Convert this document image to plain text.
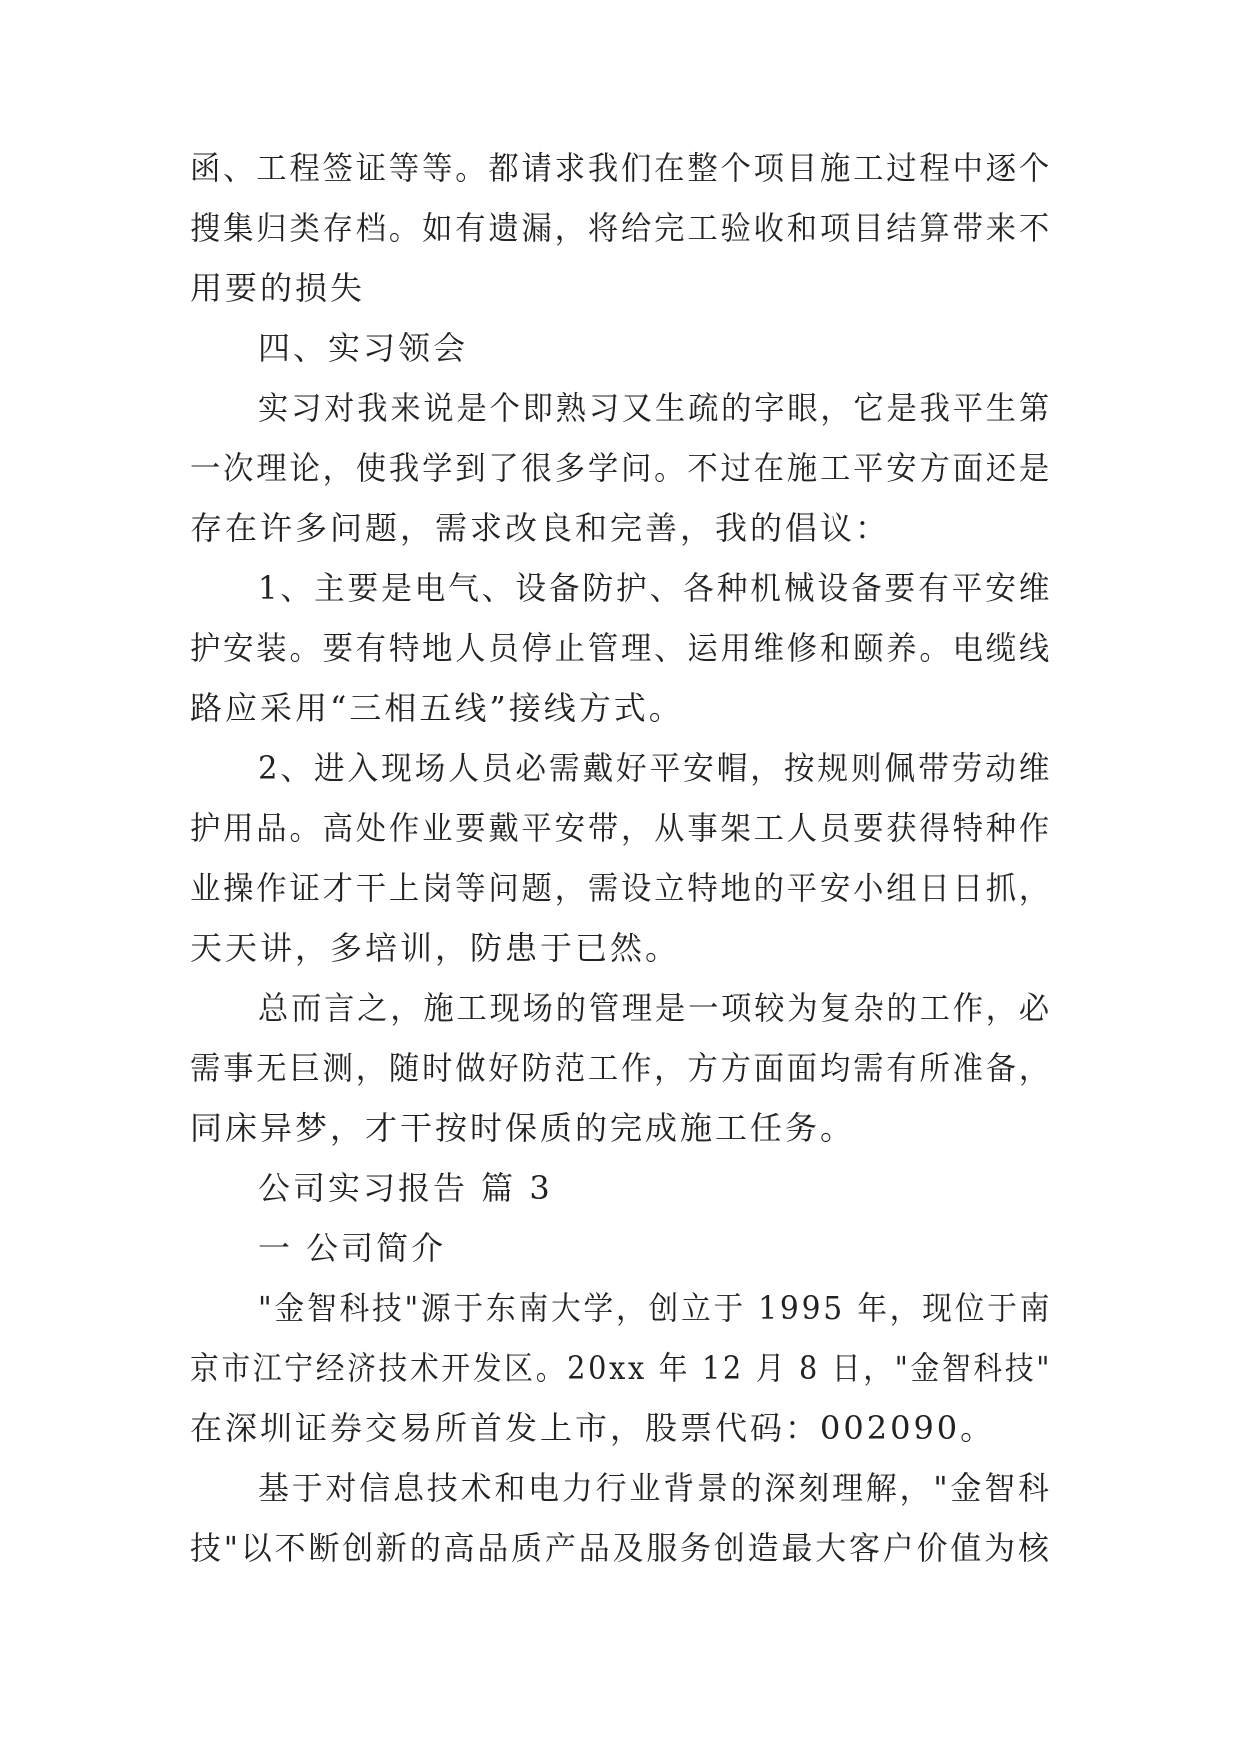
函、工程签证等等。都请求我们在整个项目施工过程中逐个
搜集归类存档。如有遗漏，将给完工验收和项目结算带来不
用要的损失
四、实习领会
实习对我来说是个即熟习又生疏的字眼，它是我平生第
一次理论，使我学到了很多学问。不过在施工平安方面还是
存在许多问题，需求改良和完善，我的倡议：
1、主要是电气、设备防护、各种机械设备要有平安维
护安装。要有特地人员停止管理、运用维修和颐养。电缆线
路应采用“三相五线”接线方式。
2、进入现场人员必需戴好平安帽，按规则佩带劳动维
护用品。高处作业要戴平安带，从事架工人员要获得特种作
业操作证才干上岗等问题，需设立特地的平安小组日日抓，
天天讲，多培训，防患于已然。
总而言之，施工现场的管理是一项较为复杂的工作，必
需事无巨测，随时做好防范工作，方方面面均需有所准备，
同床异梦，才干按时保质的完成施工任务。
公司实习报告 篇 3
一 公司简介
"金智科技"源于东南大学，创立于 1995 年，现位于南
京市江宁经济技术开发区。20xx 年 12 月 8 日，"金智科技"
在深圳证券交易所首发上市，股票代码：002090。
基于对信息技术和电力行业背景的深刻理解，"金智科
技"以不断创新的高品质产品及服务创造最大客户价值为核
